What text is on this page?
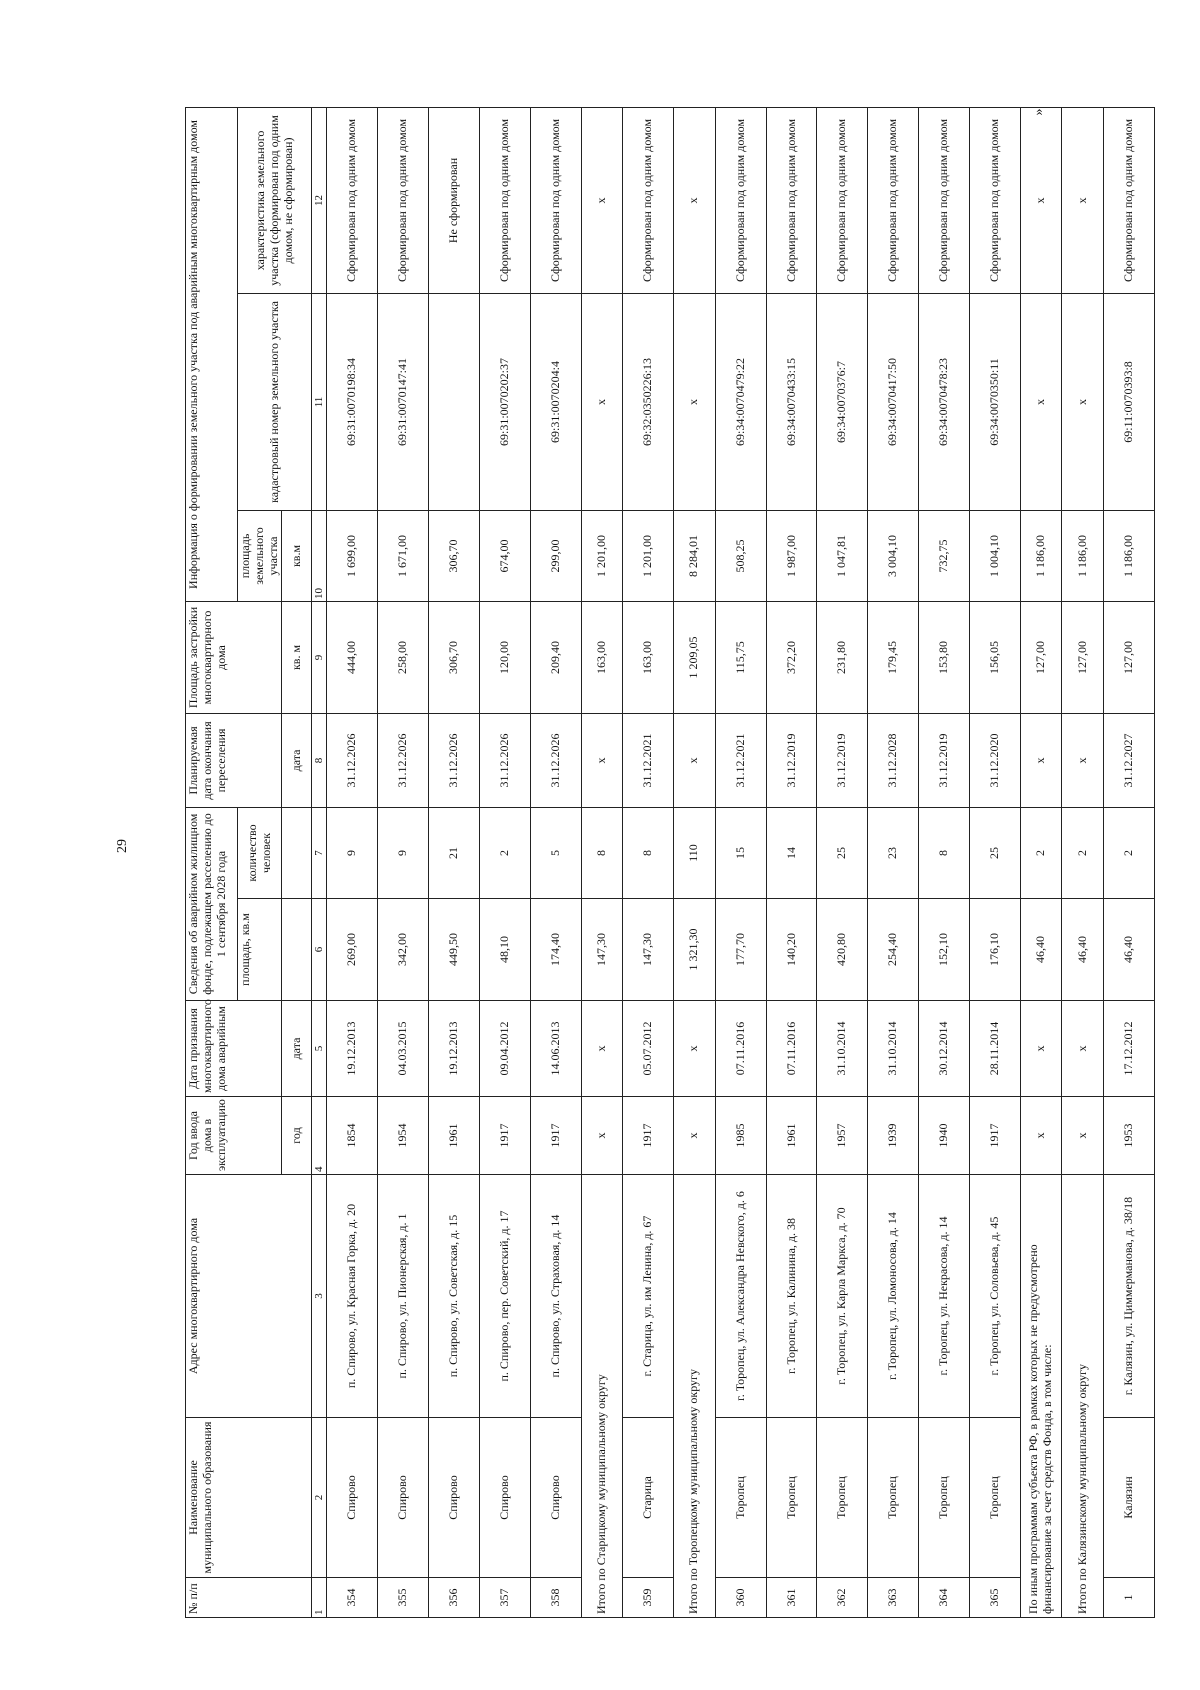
29
»
№ п/п	Наименование муниципального образования	Адрес многоквартирного дома	Год ввода дома в эксплуатацию	Дата признания многоквартирного дома аварийным	Сведения об аварийном жилищном фонде, подлежащем расселению до 1 сентября 2028 года		Планируемая дата окончания переселения	Площадь застройки многоквартирного дома	Информация о формировании земельного участка под аварийным многоквартирным домом		
					площадь, кв.м	количество человек			площадь земельного участка	кадастровый номер земельного участка	характеристика земельного участка (сформирован под одним домом, не сформирован)
			год	дата			дата	кв. м	кв.м		
1	2	3	4	5	6	7	8	9	10	11	12
354	Спирово	п. Спирово, ул. Красная Горка, д. 20	1854	19.12.2013	269,00	9	31.12.2026	444,00	1 699,00	69:31:0070198:34	Сформирован под одним домом
355	Спирово	п. Спирово, ул. Пионерская, д. 1	1954	04.03.2015	342,00	9	31.12.2026	258,00	1 671,00	69:31:0070147:41	Сформирован под одним домом
356	Спирово	п. Спирово, ул. Советская, д. 15	1961	19.12.2013	449,50	21	31.12.2026	306,70	306,70		Не сформирован
357	Спирово	п. Спирово, пер. Советский, д. 17	1917	09.04.2012	48,10	2	31.12.2026	120,00	674,00	69:31:0070202:37	Сформирован под одним домом
358	Спирово	п. Спирово, ул. Страховая, д. 14	1917	14.06.2013	174,40	5	31.12.2026	209,40	299,00	69:31:0070204:4	Сформирован под одним домом
Итого по Старицкому муниципальному округу			x	x	147,30	8	x	163,00	1 201,00	x	x
359	Старица	г. Старица, ул. им Ленина, д. 67	1917	05.07.2012	147,30	8	31.12.2021	163,00	1 201,00	69:32:0350226:13	Сформирован под одним домом
Итого по Торопецкому муниципальному округу			x	x	1 321,30	110	x	1 209,05	8 284,01	x	x
360	Торопец	г. Торопец, ул. Александра Невского, д. 6	1985	07.11.2016	177,70	15	31.12.2021	115,75	508,25	69:34:0070479:22	Сформирован под одним домом
361	Торопец	г. Торопец, ул. Калинина, д. 38	1961	07.11.2016	140,20	14	31.12.2019	372,20	1 987,00	69:34:0070433:15	Сформирован под одним домом
362	Торопец	г. Торопец, ул. Карла Маркса, д. 70	1957	31.10.2014	420,80	25	31.12.2019	231,80	1 047,81	69:34:0070376:7	Сформирован под одним домом
363	Торопец	г. Торопец, ул. Ломоносова, д. 14	1939	31.10.2014	254,40	23	31.12.2028	179,45	3 004,10	69:34:0070417:50	Сформирован под одним домом
364	Торопец	г. Торопец, ул. Некрасова, д. 14	1940	30.12.2014	152,10	8	31.12.2019	153,80	732,75	69:34:0070478:23	Сформирован под одним домом
365	Торопец	г. Торопец, ул. Соловьева, д. 45	1917	28.11.2014	176,10	25	31.12.2020	156,05	1 004,10	69:34:0070350:11	Сформирован под одним домом
По иным программам субъекта РФ, в рамках которых не предусмотрено финансирование за счет средств Фонда, в том числе:			x	x	46,40	2	x	127,00	1 186,00	x	x
Итого по Калязинскому муниципальному округу			x	x	46,40	2	x	127,00	1 186,00	x	x
1	Калязин	г. Калязин, ул. Циммерманова, д. 38/18	1953	17.12.2012	46,40	2	31.12.2027	127,00	1 186,00	69:11:0070393:8	Сформирован под одним домом
